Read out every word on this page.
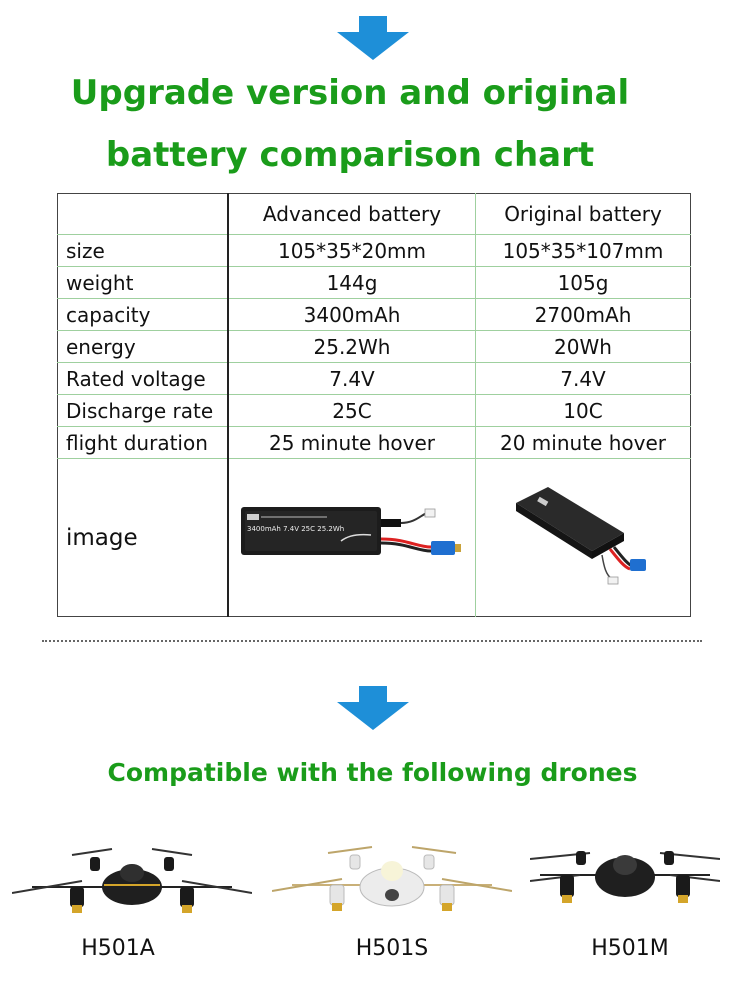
Upgrade version and original
battery comparison chart
	Advanced battery	Original battery
size	105*35*20mm	105*35*107mm
weight	144g	105g
capacity	3400mAh	2700mAh
energy	25.2Wh	20Wh
Rated voltage	7.4V	7.4V
Discharge rate	25C	10C
flight duration	25 minute hover	20 minute hover
image	3400mAh 7.4V 25C 25.2Wh

Compatible with the following drones
H501A	H501S	H501M
